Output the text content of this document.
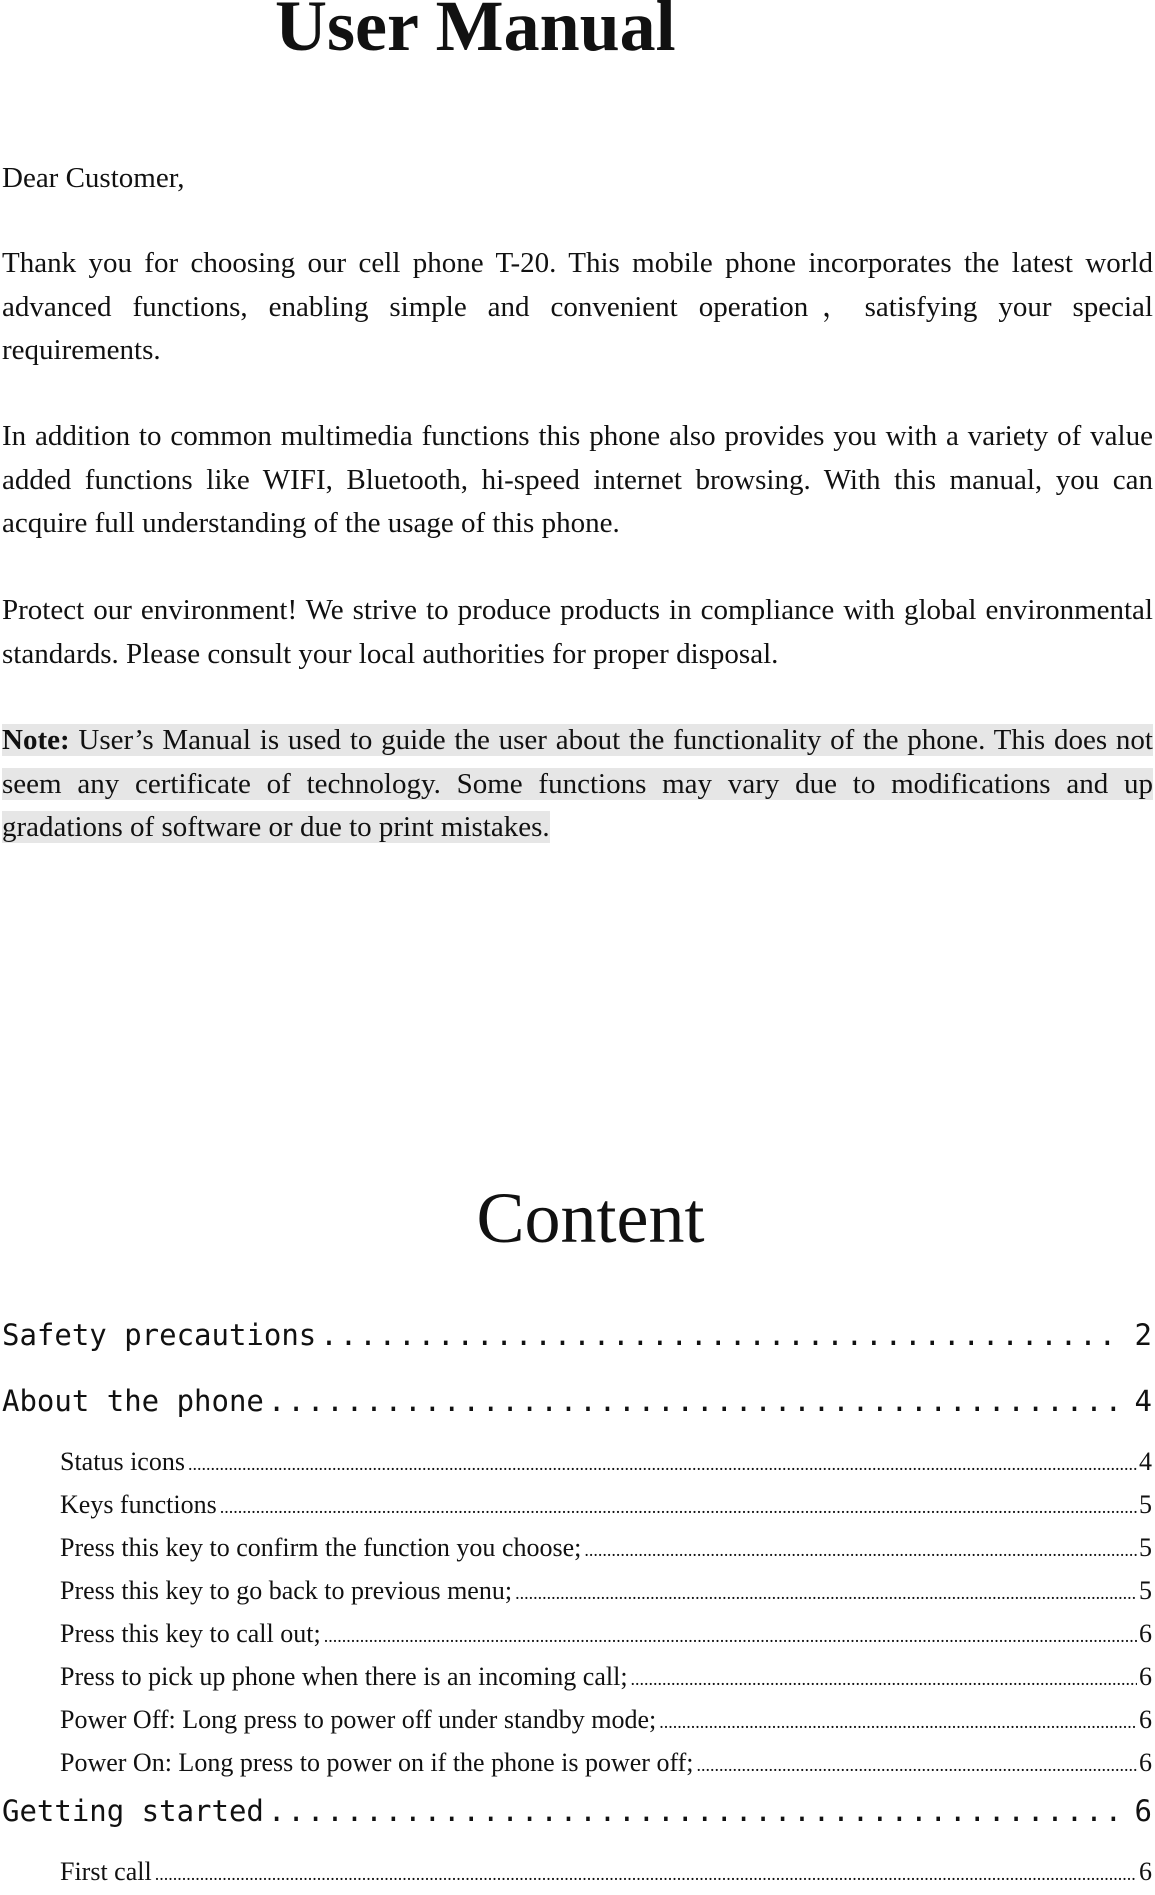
User Manual

Dear Customer,

Thank you for choosing our cell phone T-20. This mobile phone incorporates the latest world advanced functions, enabling simple and convenient operation，satisfying your special requirements.

In addition to common multimedia functions this phone also provides you with a variety of value added functions like WIFI, Bluetooth, hi-speed internet browsing. With this manual, you can acquire full understanding of the usage of this phone.

Protect our environment! We strive to produce products in compliance with global environmental standards. Please consult your local authorities for proper disposal.

Note: User’s Manual is used to guide the user about the functionality of the phone. This does not seem any certificate of technology. Some functions may vary due to modifications and up gradations of software or due to print mistakes.

Content
Safety precautions .....	2
About the phone .....	4
Status icons .....	4
Keys functions .....	5
Press this key to confirm the function you choose; .....	5
Press this key to go back to previous menu; .....	5
Press this key to call out; .....	6
Press to pick up phone when there is an incoming call; .....	6
Power Off: Long press to power off under standby mode; .....	6
Power On: Long press to power on if the phone is power off; .....	6
Getting started .....	6
First call .....	6
